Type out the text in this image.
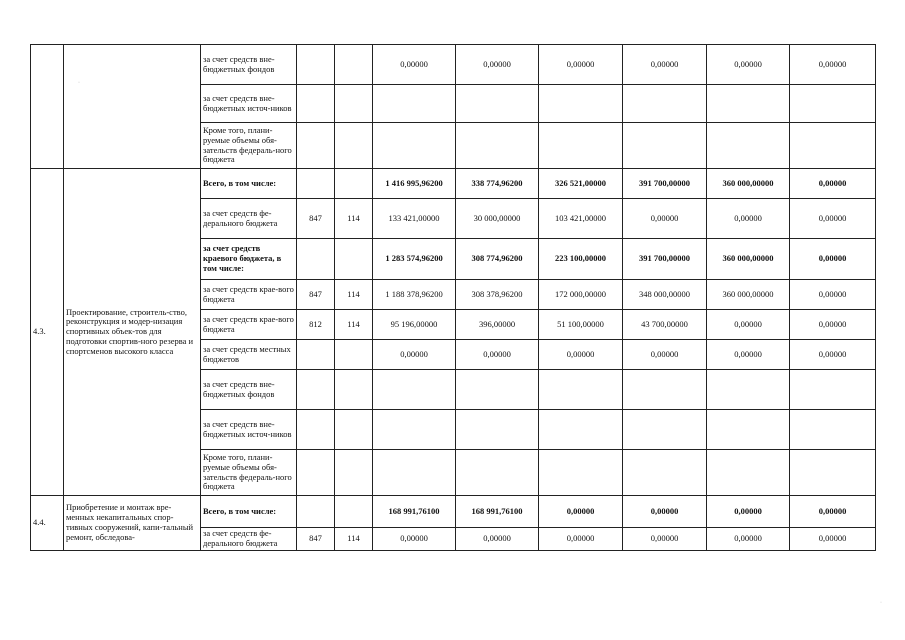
·
·
		за счет средств вне-бюджетных фондов			0,00000	0,00000	0,00000	0,00000	0,00000	0,00000
		за счет средств вне-бюджетных источ-ников								
		Кроме того, плани-руемые объемы обя-зательств федераль-ного бюджета								
4.3.	Проектирование, строитель-ство, реконструкция и модер-низация спортивных объек-тов для подготовки спортив-ного резерва и спортсменов высокого класса	Всего, в том числе:			1 416 995,96200	338 774,96200	326 521,00000	391 700,00000	360 000,00000	0,00000
		за счет средств фе-дерального бюджета	847	114	133 421,00000	30 000,00000	103 421,00000	0,00000	0,00000	0,00000
		за счет средств краевого бюджета, в том числе:			1 283 574,96200	308 774,96200	223 100,00000	391 700,00000	360 000,00000	0,00000
		за счет средств крае-вого бюджета	847	114	1 188 378,96200	308 378,96200	172 000,00000	348 000,00000	360 000,00000	0,00000
		за счет средств крае-вого бюджета	812	114	95 196,00000	396,00000	51 100,00000	43 700,00000	0,00000	0,00000
		за счет средств местных бюджетов			0,00000	0,00000	0,00000	0,00000	0,00000	0,00000
		за счет средств вне-бюджетных фондов								
		за счет средств вне-бюджетных источ-ников								
		Кроме того, плани-руемые объемы обя-зательств федераль-ного бюджета								
4.4.	Приобретение и монтаж вре-менных некапитальных спор-тивных сооружений, капи-тальный ремонт, обследова-	Всего, в том числе:			168 991,76100	168 991,76100	0,00000	0,00000	0,00000	0,00000
		за счет средств фе-дерального бюджета	847	114	0,00000	0,00000	0,00000	0,00000	0,00000	0,00000
